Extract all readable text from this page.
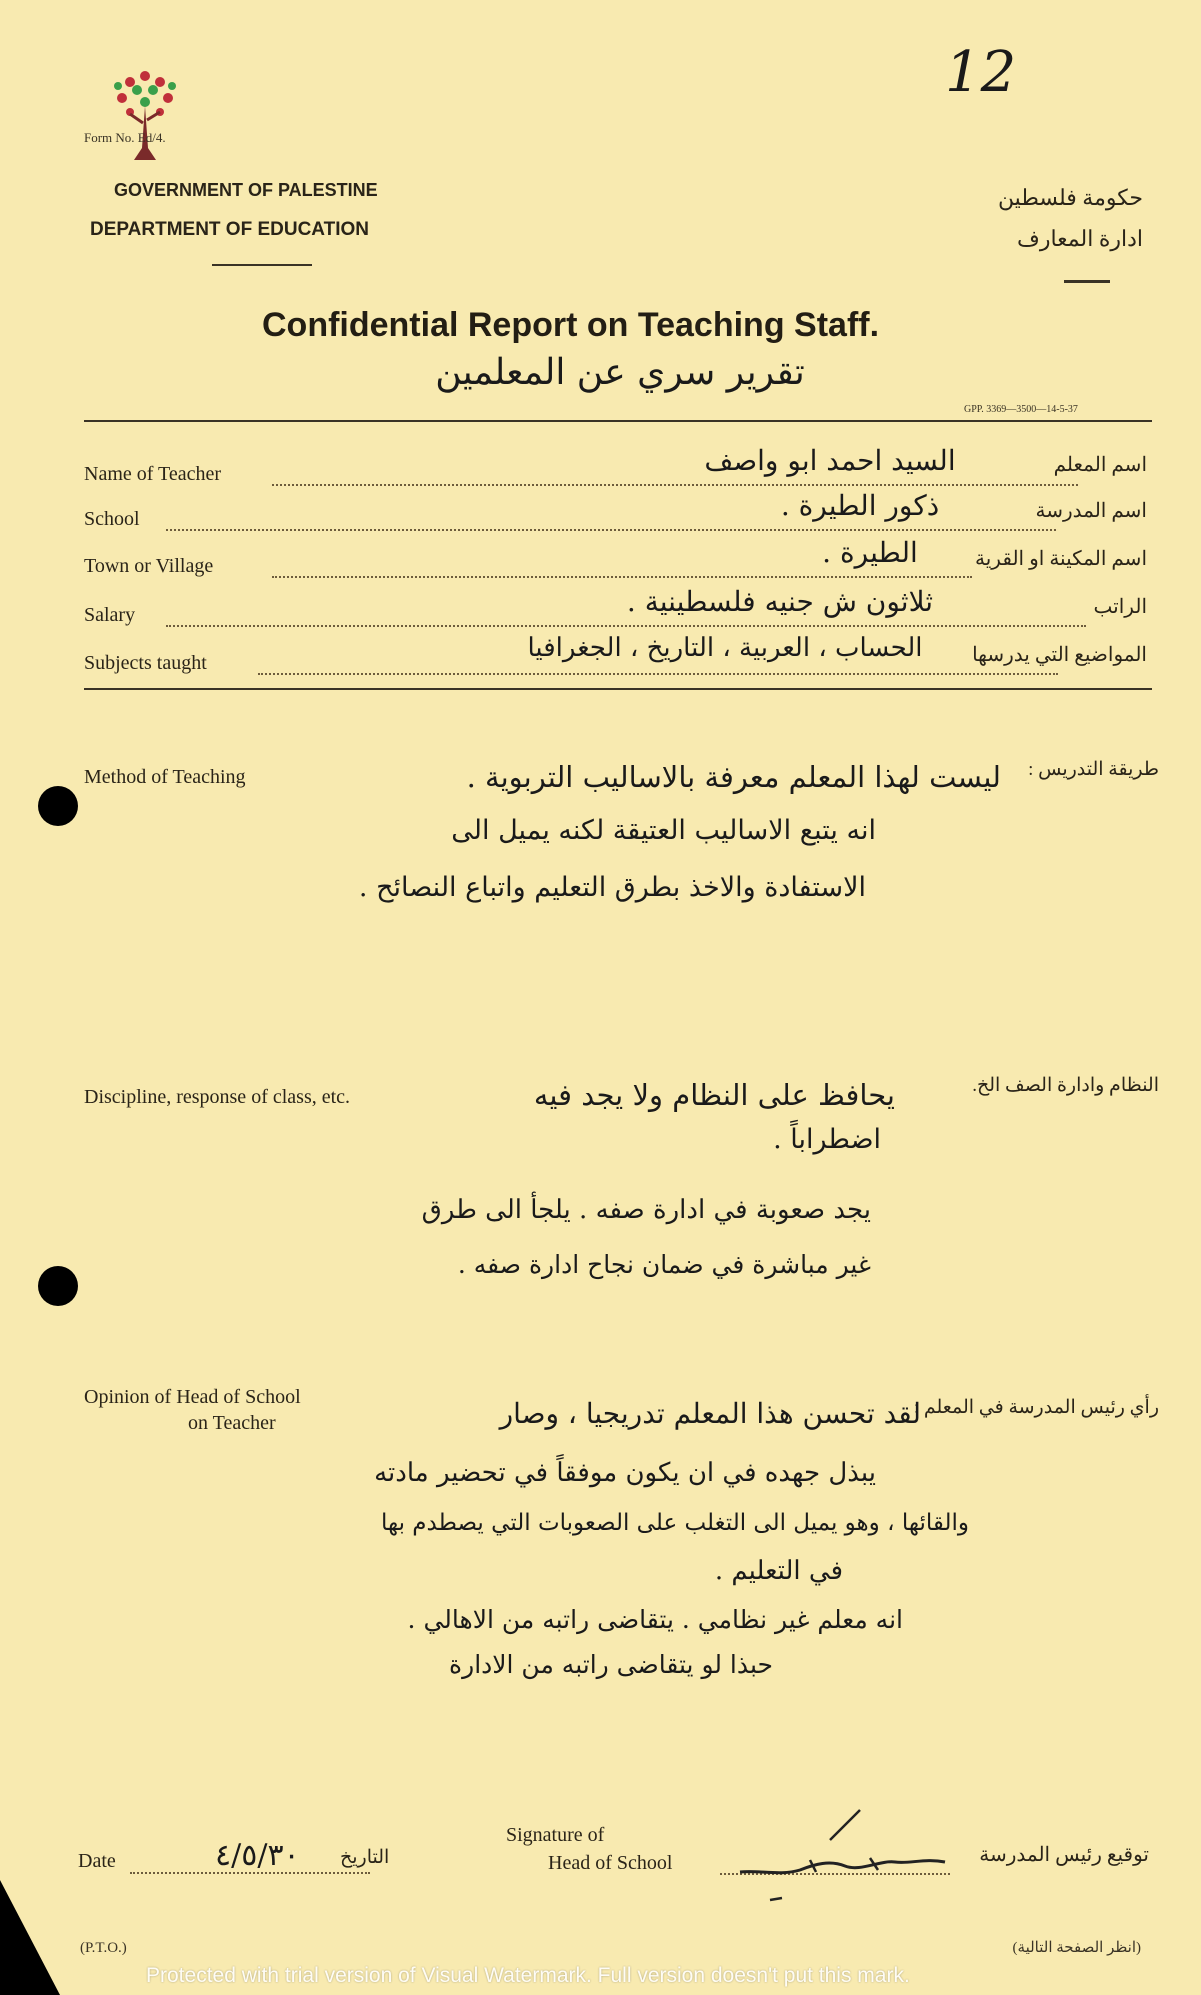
12
Form No. Ed/4.
GOVERNMENT OF PALESTINE
DEPARTMENT OF EDUCATION
حكومة فلسطين
ادارة المعارف
Confidential Report on Teaching Staff.
تقرير سري عن المعلمين
GPP. 3369—3500—14-5-37
Name of Teacher	السيد احمد ابو واصف	اسم المعلم
School	ذكور الطيرة .	اسم المدرسة
Town or Village	الطيرة .	اسم المكينة او القرية
Salary	ثلاثون ش جنيه فلسطينية .	الراتب
Subjects taught	الحساب ، العربية ، التاريخ ، الجغرافيا	المواضيع التي يدرسها
Method of Teaching	طريقة التدريس :
ليست لهذا المعلم معرفة بالاساليب التربوية .
انه يتبع الاساليب العتيقة لكنه يميل الى
الاستفادة والاخذ بطرق التعليم واتباع النصائح .
Discipline, response of class, etc.
النظام وادارة الصف الخ.
يحافظ على النظام ولا يجد فيه
اضطراباً .
يجد صعوبة في ادارة صفه . يلجأ الى طرق
غير مباشرة في ضمان نجاح ادارة صفه .
Opinion of Head of School
on Teacher
رأي رئيس المدرسة في المعلم :
لقد تحسن هذا المعلم تدريجيا ، وصار
يبذل جهده في ان يكون موفقاً في تحضير مادته
والقائها ، وهو يميل الى التغلب على الصعوبات التي يصطدم بها
في التعليم .
انه معلم غير نظامي . يتقاضى راتبه من الاهالي .
حبذا لو يتقاضى راتبه من الادارة
Date	٤/٥/٣٠ التاريخ
Signature of
Head of School	توقيع رئيس المدرسة
(P.T.O.)	(انظر الصفحة التالية)
Protected with trial version of Visual Watermark. Full version doesn't put this mark.
